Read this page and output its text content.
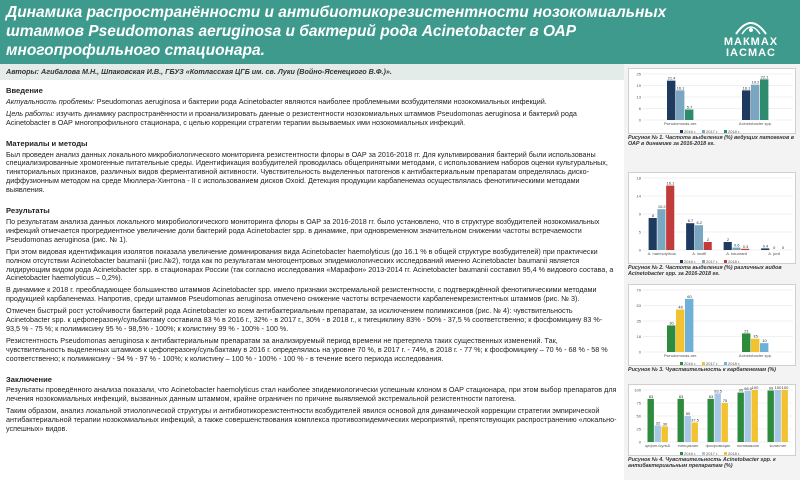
Динамика распространённости и антибиотикорезистентности нозокомиальных штаммов Pseudomonas aeruginosa и бактерий рода Acinetobacter в ОАР многопрофильного стационара.	МАКМАХ
IACMAC
Авторы: Агибалова М.Н., Шпаковская И.В., ГБУЗ «Котласская ЦГБ им. св. Луки (Войно-Ясенецкого В.Ф.)».
Введение
Актуальность проблемы: Pseudomonas aeruginosa и бактерии рода Acinetobacter являются наиболее проблемными возбудителями нозокомиальных инфекций.
Цель работы: изучить динамику распространённости и проанализировать данные о резистентности нозокомиальных штаммов Pseudomonas aeruginosa и бактерий рода Acinetobacter в ОАР многопрофильного стационара, с целью коррекции стратегии терапии вызываемых ими нозокомиальных инфекций.
Материалы и методы
Был проведен анализ данных локального микробиологического мониторинга резистентности флоры в ОАР за 2016-2018 гг. Для культивирования бактерий были использованы специализированные хромогенные питательные среды. Идентификация возбудителей проводилась общепринятыми методами, с использованием наборов оценки культуральных, тинкториальных признаков, различных видов ферментативной активности. Чувствительность выделенных патогенов к антибактериальным препаратам определялась диско-диффузионным методом на среде Мюллера-Хинтона - II с использованием дисков Oxoid. Детекция продукции карбапенемаз осуществлялась фенотипическими методами выявления.
Результаты
По результатам анализа данных локального микробиологического мониторинга флоры в ОАР за 2016-2018 гг. было установлено, что в структуре возбудителей нозокомиальных инфекций отмечается прогредиентное увеличение доли бактерий рода Acinetobacter spp. в динамике, при одновременном значительном снижении частоты встречаемости Pseudomonas aeruginosa (рис. № 1).
При этом видовая идентификация изолятов показала увеличение доминирования вида Acinetobacter haemolyticus (до 16.1 % в общей структуре возбудителей) при практически полном отсутствии Acinetobacter baumanii (рис.№2), тогда как по результатам многоцентровых эпидемиологических исследований именно Acinetobacter baumanii является лидирующим видом рода Acinetobacter spp. в стационарах России (так согласно исследования «Марафон» 2013-2014 гг. Acinetobacter baumanii составил 95,4 % видового состава, а Acinetobacter haemolyticus – 0,2%).
В динамике к 2018 г. преобладающее большинство штаммов Acinetobacter spp. имело признаки экстремальной резистентности, с подтверждённой фенотипическими методами продукцией карбапенемаз. Напротив, среди штаммов Pseudomonas aeruginosa отмечено снижение частоты встречаемости карбапенемрезистентных штаммов (рис. № 3).
Отмечен быстрый рост устойчивости бактерий рода Acinetobacter ко всем антибактериальным препаратам, за исключением полимиксинов (рис. № 4): чувствительность Acinetobacter spp. к цефоперазону/сульбактаму составила 83 % в 2016 г., 32% - в 2017 г., 30% - в 2018 г., к тигециклину 83% - 50% - 37,5 % соответственно; к фосфомицину 83 %- 93,5 % - 75 %; к полимиксину 95 % - 98,5% - 100%; к колистину 99 % - 100% - 100 %.
Резистентность Pseudomonas aeruginosa к антибактериальным препаратам за анализируемый период времени не претерпела таких существенных изменений. Так, чувствительность выделенных штаммов к цефоперазону/сульбактаму в 2016 г. определялась на уровне 70 %, в 2017 г. - 74%, в 2018 г. - 77 %; к фосфомицину – 70 % - 68 % - 58 % соответственно; к полимиксину - 94 % - 97 % - 100%; к колистину – 100 % - 100% - 100 % - в течение всего периода исследования.
Заключение
Результаты проведённого анализа показали, что Acinetobacter haemolyticus стал наиболее эпидемиологически успешным клоном в ОАР стационара, при этом выбор препаратов для лечения нозокомиальных инфекций, вызванных данным штаммом, крайне ограничен по причине выявляемой экстремальной резистентности патогена.
Таким образом, анализ локальной этиологической структуры и антибиотикорезистентности возбудителей явился основой для динамической коррекции стратегии эмпирической антибактериальной терапии нозокомиальных инфекций, а также совершенствования комплекса противоэпидемических мероприятий, препятствующих распространению «локально-успешных» видов.
0
6
13
19
25
21.4
16.1
5.7
Pseudomonas aer.
16.1
19.2
22.1
Acinetobacter spp.
2016 г. 2017 г. 2018 г.
Рисунок № 1. Частота выделения (%) ведущих патогенов в ОАР в динамике за 2016-2018 гг.
0
5
9
14
18
8
10.2
16.1
A. haemolyticus
6.7 6.2
2
A. lwoffi
2
0.6 0.3
A. baumanii
0.4 0 0
A. junii
2016 г. 2017 г. 2018 г.
Рисунок № 2. Частота выделения (%) различных видов Acinetobacter spp. за 2016-2018 гг.
0
18
35
53
70
30
48
60
Pseudomonas aer.
21
15
10
Acinetobacter spp.
2016 г. 2017 г. 2018 г.
Рисунок № 3. Чувствительность к карбапенемам (%)
0
25
50
75
100
83
32 30
цефоп./сульб.
83
50
37.5
тигециклин
83
93.5
75
фосфомицин
95 98.5 100
полимиксин
99 100 100
колистин
2016 г. 2017 г. 2018 г.
Рисунок № 4. Чувствительность Acinetobacter spp. к антибактериальным препаратам (%)
